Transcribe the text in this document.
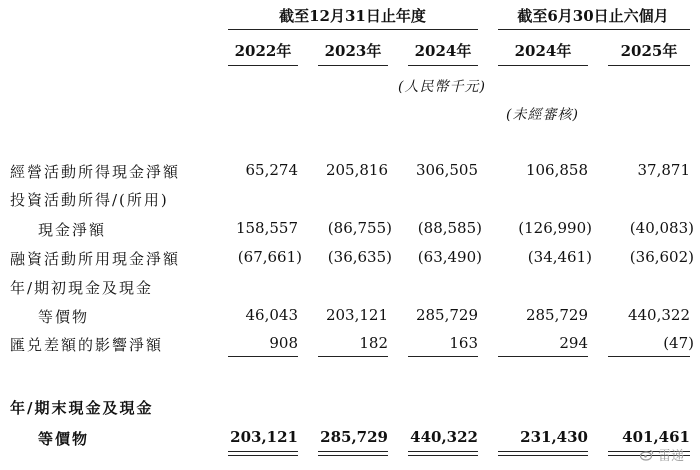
截至12月31日止年度	截至6月30日止六個月
2022年	2023年	2024年	2024年	2025年
(人民幣千元)
(未經審核)
經營活動所得現金淨額	65,274	205,816	306,505	106,858	37,871
投資活動所得/(所用)
現金淨額	158,557	(86,755)	(88,585)	(126,990)	(40,083)
融資活動所用現金淨額	(67,661)	(36,635)	(63,490)	(34,461)	(36,602)
年/期初現金及現金
等價物	46,043	203,121	285,729	285,729	440,322
匯兑差額的影響淨額	908	182	163	294	(47)
年/期末現金及現金
等價物	203,121	285,729	440,322	231,430	401,461
雷递
